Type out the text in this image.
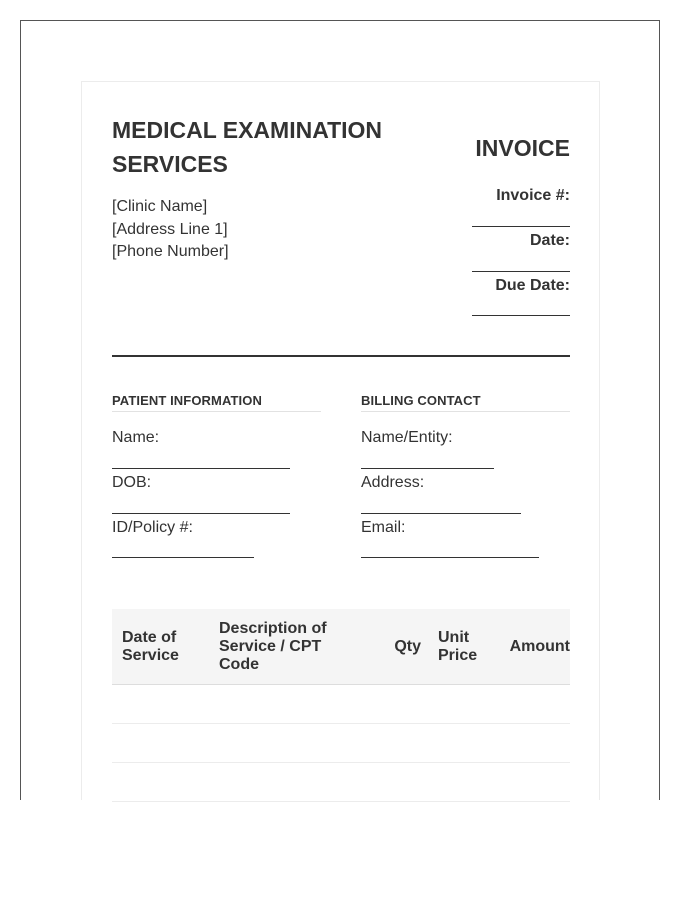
MEDICAL EXAMINATION SERVICES
[Clinic Name]
[Address Line 1]
[Phone Number]
INVOICE
Invoice #:
Date:
Due Date:
PATIENT INFORMATION
Name:
DOB:
ID/Policy #:
BILLING CONTACT
Name/Entity:
Address:
Email:
Date of Service	Description of Service / CPT Code	Qty	Unit Price	Amount
